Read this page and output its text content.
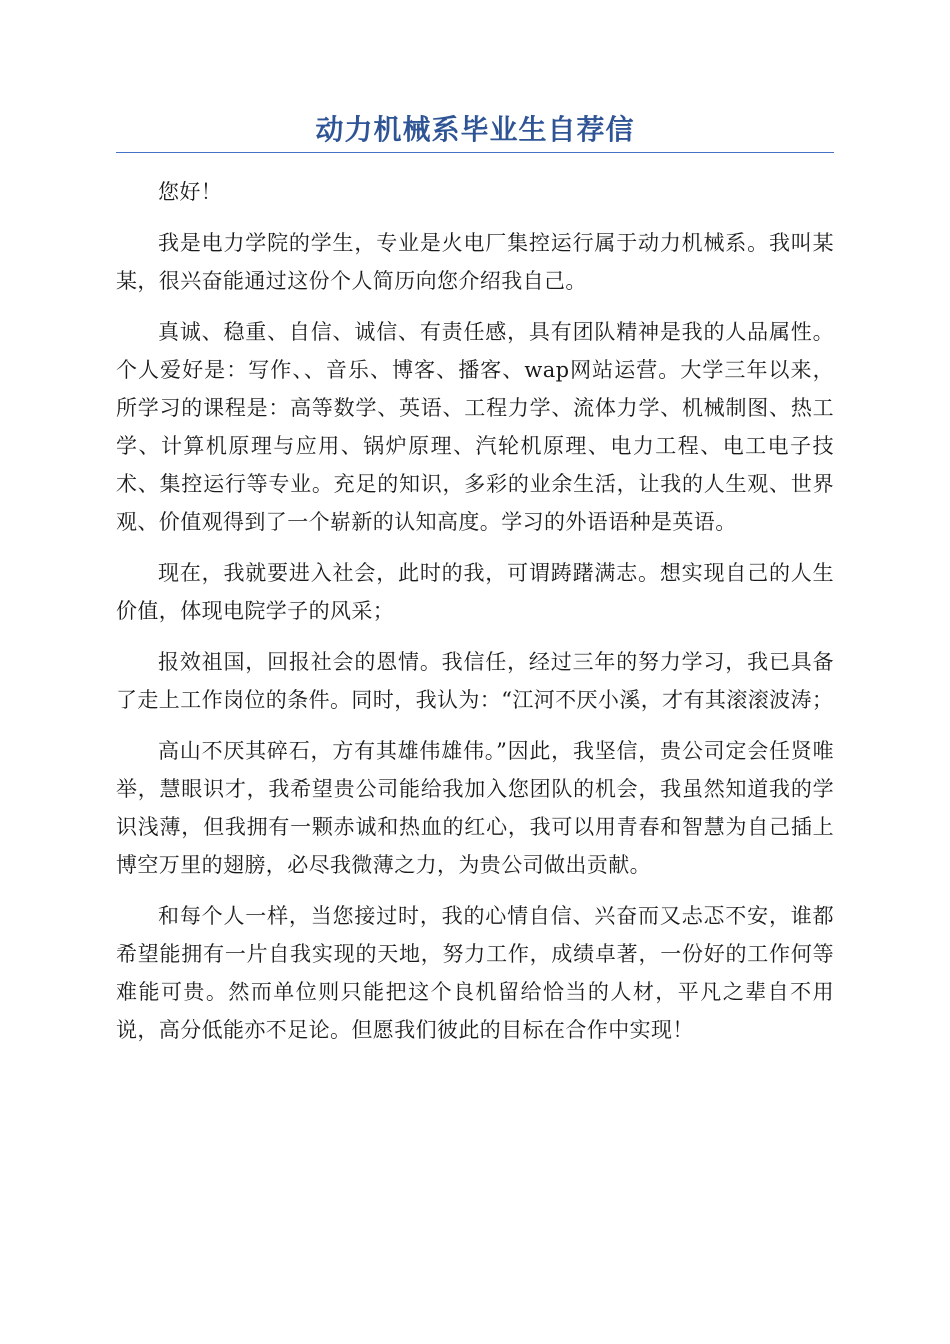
动力机械系毕业生自荐信

您好！

我是电力学院的学生，专业是火电厂集控运行属于动力机械系。我叫某某，很兴奋能通过这份个人简历向您介绍我自己。

真诚、稳重、自信、诚信、有责任感，具有团队精神是我的人品属性。个人爱好是：写作、、音乐、博客、播客、wap网站运营。大学三年以来，所学习的课程是：高等数学、英语、工程力学、流体力学、机械制图、热工学、计算机原理与应用、锅炉原理、汽轮机原理、电力工程、电工电子技术、集控运行等专业。充足的知识，多彩的业余生活，让我的人生观、世界观、价值观得到了一个崭新的认知高度。学习的外语语种是英语。

现在，我就要进入社会，此时的我，可谓踌躇满志。想实现自己的人生价值，体现电院学子的风采；

报效祖国，回报社会的恩情。我信任，经过三年的努力学习，我已具备了走上工作岗位的条件。同时，我认为：“江河不厌小溪，才有其滚滚波涛；

高山不厌其碎石，方有其雄伟雄伟。”因此，我坚信，贵公司定会任贤唯举，慧眼识才，我希望贵公司能给我加入您团队的机会，我虽然知道我的学识浅薄，但我拥有一颗赤诚和热血的红心，我可以用青春和智慧为自己插上博空万里的翅膀，必尽我微薄之力，为贵公司做出贡献。

和每个人一样，当您接过时，我的心情自信、兴奋而又忐忑不安，谁都希望能拥有一片自我实现的天地，努力工作，成绩卓著，一份好的工作何等难能可贵。然而单位则只能把这个良机留给恰当的人材，平凡之辈自不用说，高分低能亦不足论。但愿我们彼此的目标在合作中实现！
